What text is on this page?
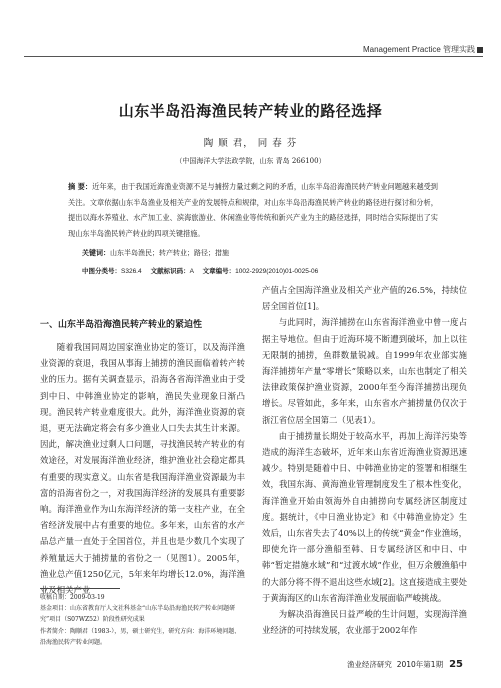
Management Practice 管理实践
山东半岛沿海渔民转产转业的路径选择
陶 顺 君， 同 春 芬
（中国海洋大学法政学院，山东 青岛 266100）
摘 要：近年来，由于我国近海渔业资源不足与捕捞力量过剩之间的矛盾，山东半岛沿海渔民转产转业问题越来越受到关注。文章依据山东半岛渔业及相关产业的发展特点和规律，对山东半岛沿海渔民转产转业的路径进行探讨和分析，提出以海水养殖业、水产加工业、滨海旅游业、休闲渔业等传统和新兴产业为主的路径选择，同时结合实际提出了实现山东半岛渔民转产转业的四项关键措施。
关键词：山东半岛渔民；转产转业；路径；措施
中图分类号：S326.4 文献标识码：A 文章编号：1002-2929(2010)01-0025-06

一、山东半岛沿海渔民转产转业的紧迫性

随着我国同周边国家渔业协定的签订，以及海洋渔业资源的衰退，我国从事海上捕捞的渔民面临着转产转业的压力。据有关调查显示，沿海各省海洋渔业由于受到中日、中韩渔业协定的影响，渔民失业现象日渐凸现。渔民转产转业难度很大。此外，海洋渔业资源的衰退，更无法确定将会有多少渔业人口失去其生计来源。因此，解决渔业过剩人口问题，寻找渔民转产转业的有效途径，对发展海洋渔业经济，维护渔业社会稳定都具有重要的现实意义。山东省是我国海洋渔业资源最为丰富的沿海省份之一，对我国海洋经济的发展具有重要影响。海洋渔业作为山东海洋经济的第一支柱产业，在全省经济发展中占有重要的地位。多年来，山东省的水产品总产量一直处于全国首位，并且也是少数几个实现了养殖量远大于捕捞量的省份之一（见图1）。2005年，渔业总产值1250亿元，5年来年均增长12.0%，海洋渔业及相关产业

收稿日期：2009-03-19

基金项目：山东省教育厅人文社科基金“山东半岛沿海渔民转产转业问题研究”项目（S07WZ52）阶段性研究成果

作者简介：陶顺君（1983-），男，硕士研究生，研究方向：海洋环境问题、沿海渔民转产转业问题。

产值占全国海洋渔业及相关产业产值的26.5%，持续位居全国首位[1]。

与此同时，海洋捕捞在山东省海洋渔业中曾一度占据主导地位。但由于近海环境不断遭到破坏，加上以往无限制的捕捞，鱼群数量锐减。自1999年农业部实施海洋捕捞年产量“零增长”策略以来，山东也制定了相关法律政策保护渔业资源，2000年至今海洋捕捞出现负增长。尽管如此，多年来，山东省水产捕捞量仍仅次于浙江省位居全国第二（见表1）。

由于捕捞量长期处于较高水平，再加上海洋污染等造成的海洋生态破坏，近年来山东省近海渔业资源迅速减少。特别是随着中日、中韩渔业协定的签署和相继生效，我国东海、黄海渔业管理制度发生了根本性变化，海洋渔业开始由领海外自由捕捞向专属经济区制度过度。据统计，《中日渔业协定》和《中韩渔业协定》生效后，山东省失去了40%以上的传统“黄金”作业渔场，即使允许一部分渔船至韩、日专属经济区和中日、中韩“暂定措施水域”和“过渡水域”作业，但万余艘渔船中的大部分将不得不退出这些水域[2]。这直接造成主要处于黄海海区的山东省海洋渔业发展面临严峻挑战。

为解决沿海渔民日益严峻的生计问题，实现海洋渔业经济的可持续发展，农业部于2002年作

渔业经济研究 2010年第1期 25
